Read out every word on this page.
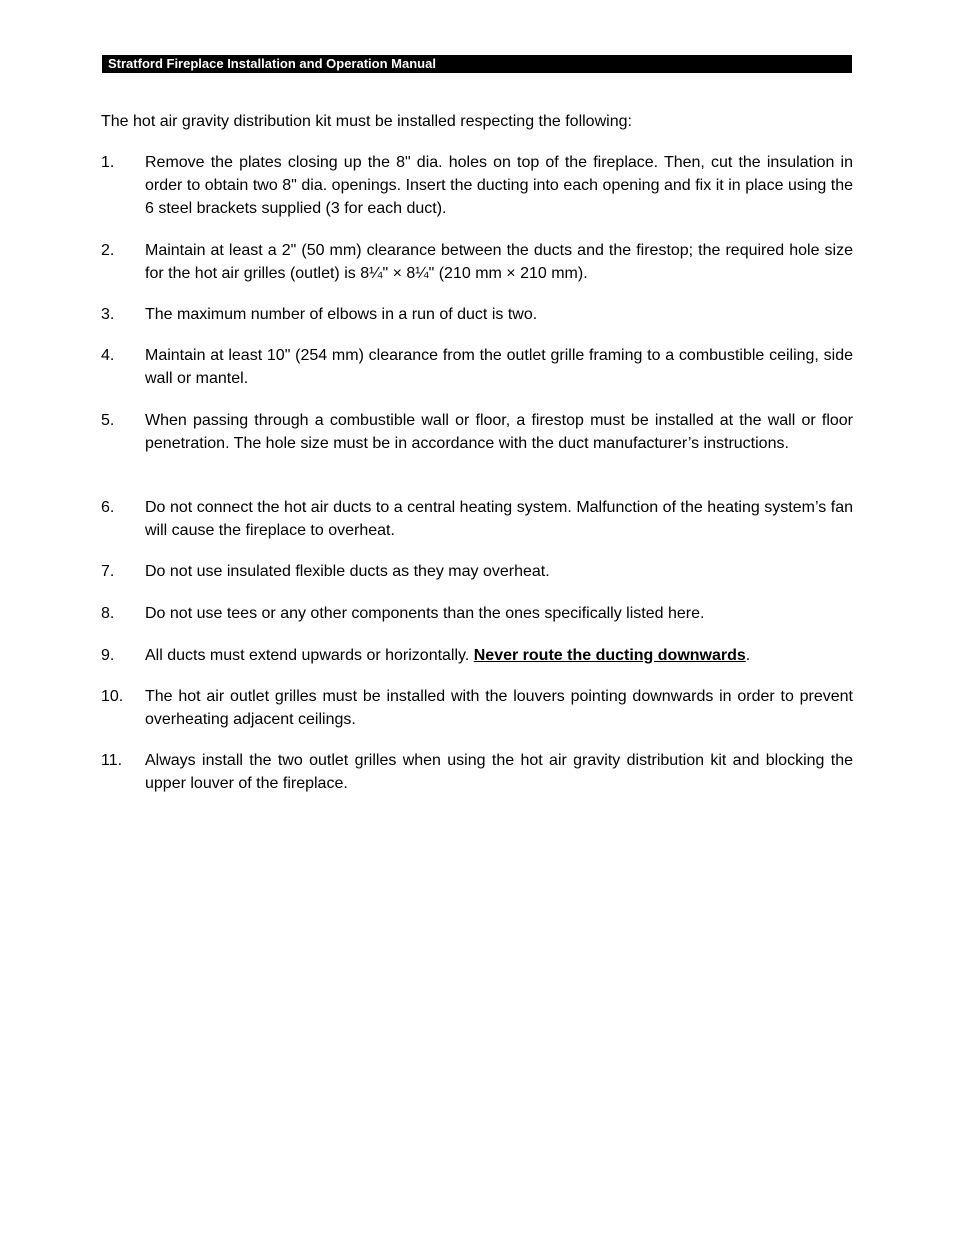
Stratford Fireplace Installation and Operation Manual

The hot air gravity distribution kit must be installed respecting the following:

1.	Remove the plates closing up the 8" dia. holes on top of the fireplace. Then, cut the insulation in order to obtain two 8" dia. openings. Insert the ducting into each opening and fix it in place using the 6 steel brackets supplied (3 for each duct).
2.	Maintain at least a 2" (50 mm) clearance between the ducts and the firestop; the required hole size for the hot air grilles (outlet) is 8¼" × 8¼" (210 mm × 210 mm).
3.	The maximum number of elbows in a run of duct is two.
4.	Maintain at least 10" (254 mm) clearance from the outlet grille framing to a combustible ceiling, side wall or mantel.
5.	When passing through a combustible wall or floor, a firestop must be installed at the wall or floor penetration. The hole size must be in accordance with the duct manufacturer’s instructions.
6.	Do not connect the hot air ducts to a central heating system. Malfunction of the heating system’s fan will cause the fireplace to overheat.
7.	Do not use insulated flexible ducts as they may overheat.
8.	Do not use tees or any other components than the ones specifically listed here.
9.	All ducts must extend upwards or horizontally. Never route the ducting downwards.
10.	The hot air outlet grilles must be installed with the louvers pointing downwards in order to prevent overheating adjacent ceilings.
11.	Always install the two outlet grilles when using the hot air gravity distribution kit and blocking the upper louver of the fireplace.
